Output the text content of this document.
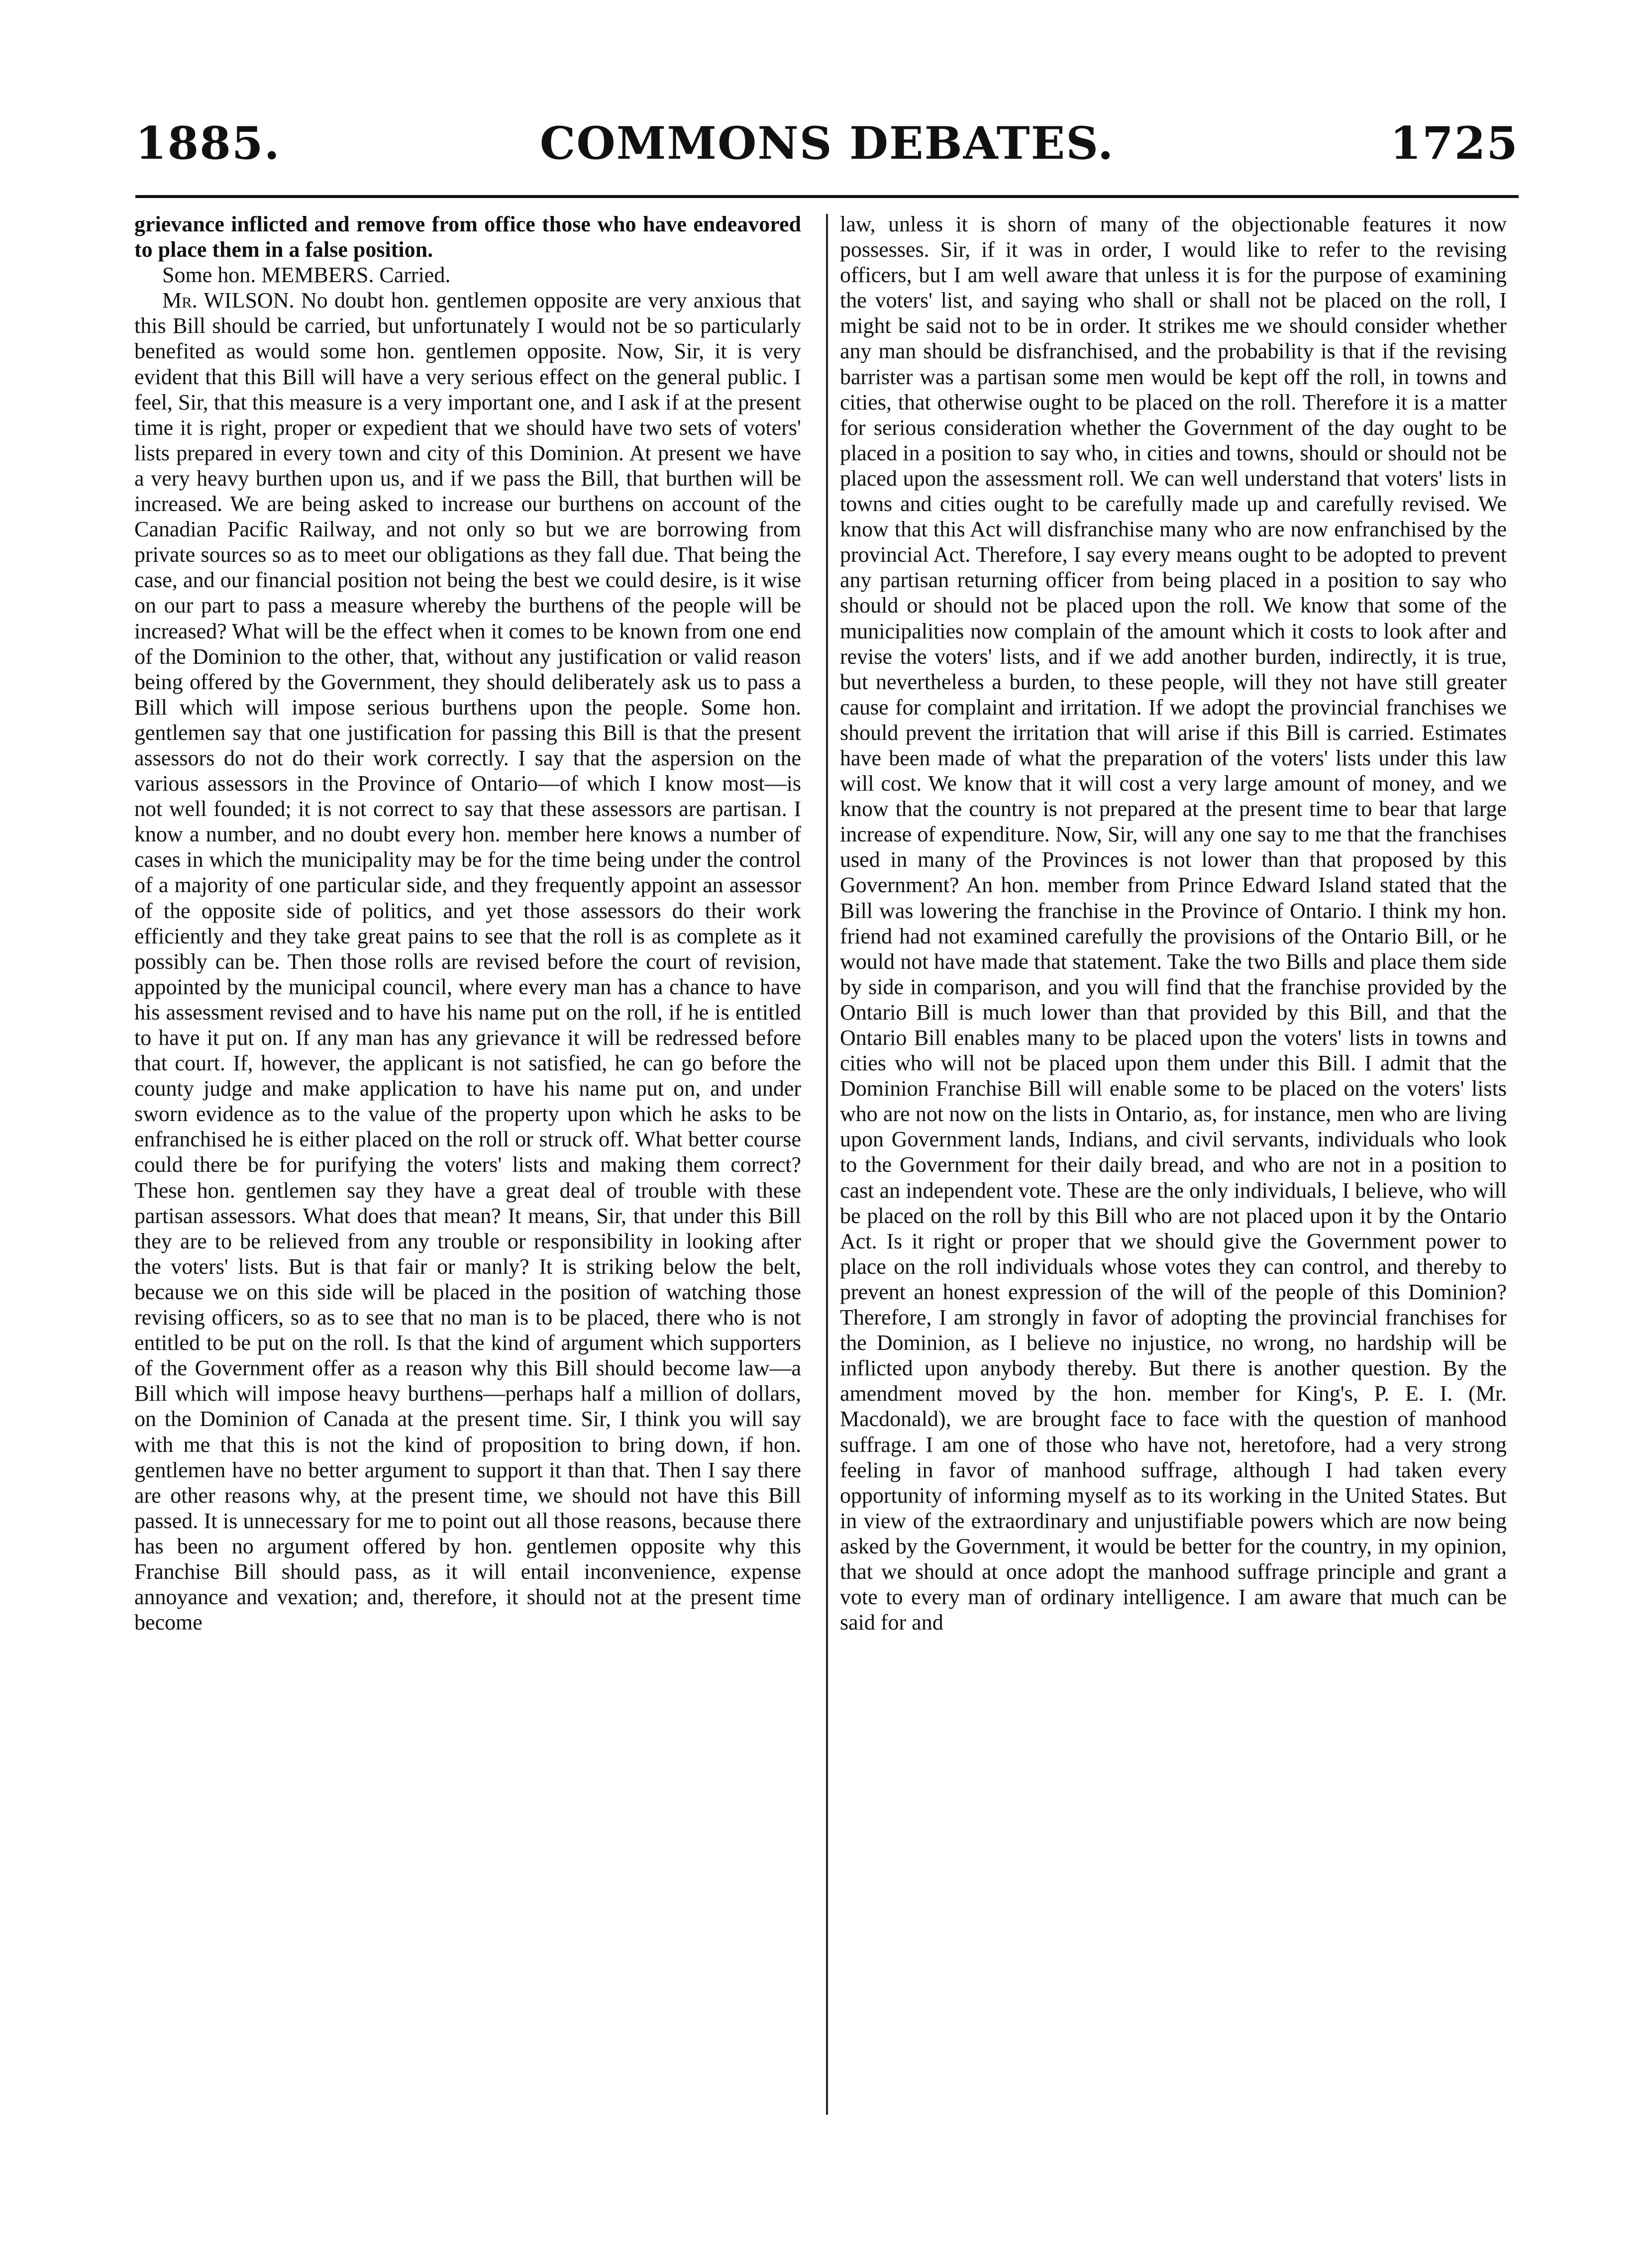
1885.	COMMONS DEBATES.	1725

grievance inflicted and remove from office those who have endeavored to place them in a false position.

Some hon. MEMBERS. Carried.

Mr. WILSON. No doubt hon. gentlemen opposite are very anxious that this Bill should be carried, but unfortunately I would not be so particularly benefited as would some hon. gentlemen opposite. Now, Sir, it is very evident that this Bill will have a very serious effect on the general public. I feel, Sir, that this measure is a very important one, and I ask if at the present time it is right, proper or expedient that we should have two sets of voters' lists prepared in every town and city of this Dominion. At present we have a very heavy burthen upon us, and if we pass the Bill, that burthen will be increased. We are being asked to increase our burthens on account of the Canadian Pacific Railway, and not only so but we are borrowing from private sources so as to meet our obligations as they fall due. That being the case, and our financial position not being the best we could desire, is it wise on our part to pass a measure whereby the burthens of the people will be increased? What will be the effect when it comes to be known from one end of the Dominion to the other, that, without any justification or valid reason being offered by the Government, they should deliberately ask us to pass a Bill which will impose serious burthens upon the people. Some hon. gentlemen say that one justification for passing this Bill is that the present assessors do not do their work correctly. I say that the aspersion on the various assessors in the Province of Ontario—of which I know most—is not well founded; it is not correct to say that these assessors are partisan. I know a number, and no doubt every hon. member here knows a number of cases in which the municipality may be for the time being under the control of a majority of one particular side, and they frequently appoint an assessor of the opposite side of politics, and yet those assessors do their work efficiently and they take great pains to see that the roll is as complete as it possibly can be. Then those rolls are revised before the court of revision, appointed by the municipal council, where every man has a chance to have his assessment revised and to have his name put on the roll, if he is entitled to have it put on. If any man has any grievance it will be redressed before that court. If, however, the applicant is not satisfied, he can go before the county judge and make application to have his name put on, and under sworn evidence as to the value of the property upon which he asks to be enfranchised he is either placed on the roll or struck off. What better course could there be for purifying the voters' lists and making them correct? These hon. gentlemen say they have a great deal of trouble with these partisan assessors. What does that mean? It means, Sir, that under this Bill they are to be relieved from any trouble or responsibility in looking after the voters' lists. But is that fair or manly? It is striking below the belt, because we on this side will be placed in the position of watching those revising officers, so as to see that no man is to be placed, there who is not entitled to be put on the roll. Is that the kind of argument which supporters of the Government offer as a reason why this Bill should become law—a Bill which will impose heavy burthens—perhaps half a million of dollars, on the Dominion of Canada at the present time. Sir, I think you will say with me that this is not the kind of proposition to bring down, if hon. gentlemen have no better argument to support it than that. Then I say there are other reasons why, at the present time, we should not have this Bill passed. It is unnecessary for me to point out all those reasons, because there has been no argument offered by hon. gentlemen opposite why this Franchise Bill should pass, as it will entail inconvenience, expense annoyance and vexation; and, therefore, it should not at the present time become

law, unless it is shorn of many of the objectionable features it now possesses. Sir, if it was in order, I would like to refer to the revising officers, but I am well aware that unless it is for the purpose of examining the voters' list, and saying who shall or shall not be placed on the roll, I might be said not to be in order. It strikes me we should consider whether any man should be disfranchised, and the probability is that if the revising barrister was a partisan some men would be kept off the roll, in towns and cities, that otherwise ought to be placed on the roll. Therefore it is a matter for serious consideration whether the Government of the day ought to be placed in a position to say who, in cities and towns, should or should not be placed upon the assessment roll. We can well understand that voters' lists in towns and cities ought to be carefully made up and carefully revised. We know that this Act will disfranchise many who are now enfranchised by the provincial Act. Therefore, I say every means ought to be adopted to prevent any partisan returning officer from being placed in a position to say who should or should not be placed upon the roll. We know that some of the municipalities now complain of the amount which it costs to look after and revise the voters' lists, and if we add another burden, indirectly, it is true, but nevertheless a burden, to these people, will they not have still greater cause for complaint and irritation. If we adopt the provincial franchises we should prevent the irritation that will arise if this Bill is carried. Estimates have been made of what the preparation of the voters' lists under this law will cost. We know that it will cost a very large amount of money, and we know that the country is not prepared at the present time to bear that large increase of expenditure. Now, Sir, will any one say to me that the franchises used in many of the Provinces is not lower than that proposed by this Government? An hon. member from Prince Edward Island stated that the Bill was lowering the franchise in the Province of Ontario. I think my hon. friend had not examined carefully the provisions of the Ontario Bill, or he would not have made that statement. Take the two Bills and place them side by side in comparison, and you will find that the franchise provided by the Ontario Bill is much lower than that provided by this Bill, and that the Ontario Bill enables many to be placed upon the voters' lists in towns and cities who will not be placed upon them under this Bill. I admit that the Dominion Franchise Bill will enable some to be placed on the voters' lists who are not now on the lists in Ontario, as, for instance, men who are living upon Government lands, Indians, and civil servants, individuals who look to the Government for their daily bread, and who are not in a position to cast an independent vote. These are the only individuals, I believe, who will be placed on the roll by this Bill who are not placed upon it by the Ontario Act. Is it right or proper that we should give the Government power to place on the roll individuals whose votes they can control, and thereby to prevent an honest expression of the will of the people of this Dominion? Therefore, I am strongly in favor of adopting the provincial franchises for the Dominion, as I believe no injustice, no wrong, no hardship will be inflicted upon anybody thereby. But there is another question. By the amendment moved by the hon. member for King's, P. E. I. (Mr. Macdonald), we are brought face to face with the question of manhood suffrage. I am one of those who have not, heretofore, had a very strong feeling in favor of manhood suffrage, although I had taken every opportunity of informing myself as to its working in the United States. But in view of the extraordinary and unjustifiable powers which are now being asked by the Government, it would be better for the country, in my opinion, that we should at once adopt the manhood suffrage principle and grant a vote to every man of ordinary intelligence. I am aware that much can be said for and
